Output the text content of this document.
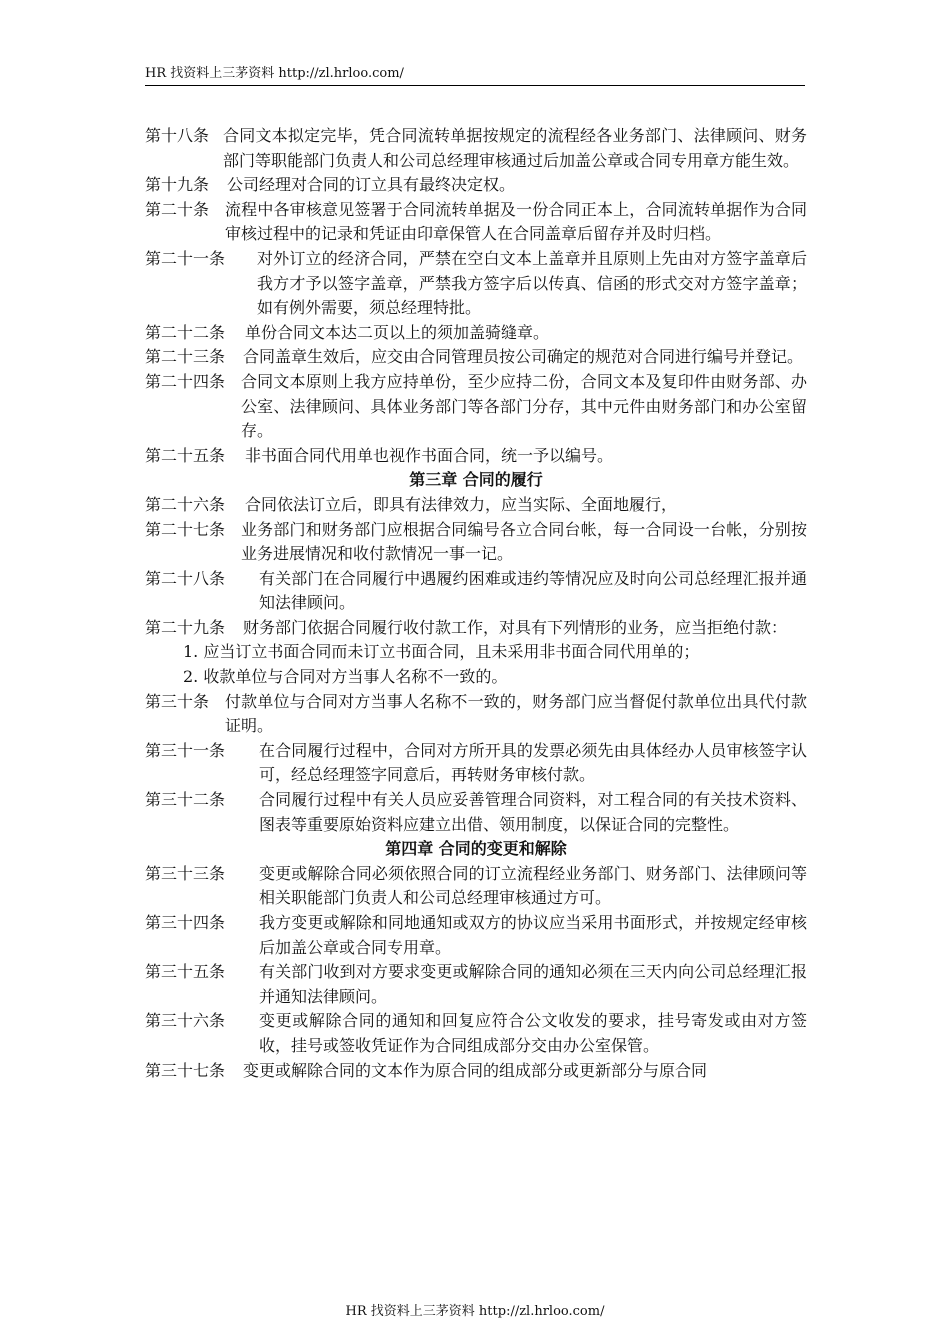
HR 找资料上三茅资料 http://zl.hrloo.com/
第十八条 合同文本拟定完毕，凭合同流转单据按规定的流程经各业务部门、法律顾问、财务部门等职能部门负责人和公司总经理审核通过后加盖公章或合同专用章方能生效。
第十九条 公司经理对合同的订立具有最终决定权。
第二十条 流程中各审核意见签署于合同流转单据及一份合同正本上，合同流转单据作为合同审核过程中的记录和凭证由印章保管人在合同盖章后留存并及时归档。
第二十一条 对外订立的经济合同，严禁在空白文本上盖章并且原则上先由对方签字盖章后我方才予以签字盖章，严禁我方签字后以传真、信函的形式交对方签字盖章；如有例外需要，须总经理特批。
第二十二条 单份合同文本达二页以上的须加盖骑缝章。
第二十三条 合同盖章生效后，应交由合同管理员按公司确定的规范对合同进行编号并登记。
第二十四条 合同文本原则上我方应持单份，至少应持二份，合同文本及复印件由财务部、办公室、法律顾问、具体业务部门等各部门分存，其中元件由财务部门和办公室留存。
第二十五条 非书面合同代用单也视作书面合同，统一予以编号。
第三章 合同的履行
第二十六条 合同依法订立后，即具有法律效力，应当实际、全面地履行，
第二十七条 业务部门和财务部门应根据合同编号各立合同台帐，每一合同设一台帐，分别按业务进展情况和收付款情况一事一记。
第二十八条 有关部门在合同履行中遇履约困难或违约等情况应及时向公司总经理汇报并通知法律顾问。
第二十九条 财务部门依据合同履行收付款工作，对具有下列情形的业务，应当拒绝付款：
1. 应当订立书面合同而未订立书面合同，且未采用非书面合同代用单的；
2. 收款单位与合同对方当事人名称不一致的。
第三十条 付款单位与合同对方当事人名称不一致的，财务部门应当督促付款单位出具代付款证明。
第三十一条 在合同履行过程中，合同对方所开具的发票必须先由具体经办人员审核签字认可，经总经理签字同意后，再转财务审核付款。
第三十二条 合同履行过程中有关人员应妥善管理合同资料，对工程合同的有关技术资料、图表等重要原始资料应建立出借、领用制度，以保证合同的完整性。
第四章 合同的变更和解除
第三十三条 变更或解除合同必须依照合同的订立流程经业务部门、财务部门、法律顾问等相关职能部门负责人和公司总经理审核通过方可。
第三十四条 我方变更或解除和同地通知或双方的协议应当采用书面形式，并按规定经审核后加盖公章或合同专用章。
第三十五条 有关部门收到对方要求变更或解除合同的通知必须在三天内向公司总经理汇报并通知法律顾问。
第三十六条 变更或解除合同的通知和回复应符合公文收发的要求，挂号寄发或由对方签收，挂号或签收凭证作为合同组成部分交由办公室保管。
第三十七条 变更或解除合同的文本作为原合同的组成部分或更新部分与原合同
HR 找资料上三茅资料 http://zl.hrloo.com/
